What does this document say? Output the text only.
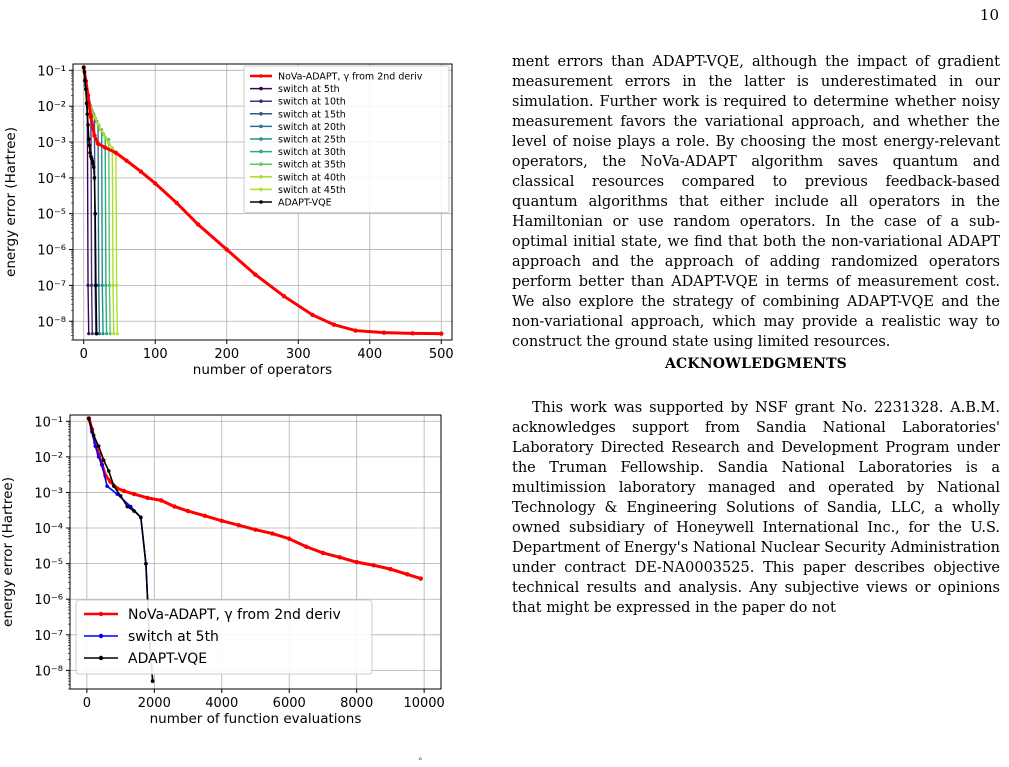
10
0	100	200	300	400	500
10⁻⁸
10⁻⁷
10⁻⁶
10⁻⁵
10⁻⁴
10⁻³
10⁻²
10⁻¹
number of operators
energy error (Hartree)
NoVa-ADAPT, γ from 2nd deriv
switch at 5th
switch at 10th
switch at 15th
switch at 20th
switch at 25th
switch at 30th
switch at 35th
switch at 40th
switch at 45th
ADAPT-VQE
0	2000	4000	6000	8000 10000
10⁻⁸
10⁻⁷
10⁻⁶
10⁻⁵
10⁻⁴
10⁻³
10⁻²
10⁻¹
number of function evaluations
energy error (Hartree)	NoVa-ADAPT, γ from 2nd deriv
switch at 5th
ADAPT-VQE

ment errors than ADAPT-VQE, although the impact of gradient measurement errors in the latter is underestimated in our simulation. Further work is required to determine whether noisy measurement favors the variational approach, and whether the level of noise plays a role. By choosing the most energy-relevant operators, the NoVa-ADAPT algorithm saves quantum and classical resources compared to previous feedback-based quantum algorithms that either include all operators in the Hamiltonian or use random operators. In the case of a sub-optimal initial state, we find that both the non-variational ADAPT approach and the approach of adding randomized operators perform better than ADAPT-VQE in terms of measurement cost. We also explore the strategy of combining ADAPT-VQE and the non-variational approach, which may provide a realistic way to construct the ground state using limited resources.

ACKNOWLEDGMENTS

This work was supported by NSF grant No. 2231328. A.B.M. acknowledges support from Sandia National Laboratories' Laboratory Directed Research and Development Program under the Truman Fellowship. Sandia National Laboratories is a multimission laboratory managed and operated by National Technology & Engineering Solutions of Sandia, LLC, a wholly owned subsidiary of Honeywell International Inc., for the U.S. Department of Energy's National Nuclear Security Administration under contract DE-NA0003525. This paper describes objective technical results and analysis. Any subjective views or opinions that might be expressed in the paper do not

°
